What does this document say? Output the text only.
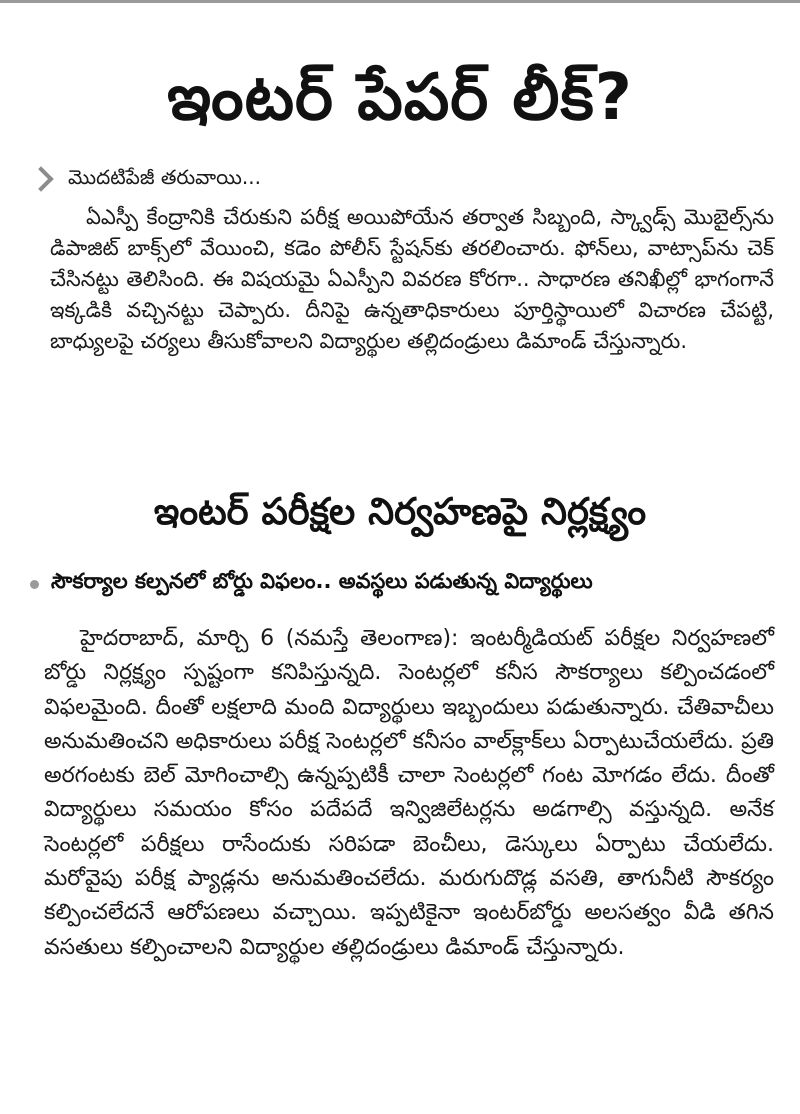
ఇంటర్ పేపర్ లీక్?
మొదటిపేజీ తరువాయి...

ఏఎస్పీ కేంద్రానికి చేరుకుని పరీక్ష అయిపోయేన తర్వాత సిబ్బంది, స్క్వాడ్స్ మొబైల్స్‌ను డిపాజిట్ బాక్స్‌లో వేయించి, కడెం పోలీస్ స్టేషన్‌కు తరలించారు. ఫోన్‌లు, వాట్సాప్‌ను చెక్ చేసినట్టు తెలిసింది. ఈ విషయమై ఏఎస్పీని వివరణ కోరగా.. సాధారణ తనిఖీల్లో భాగంగానే ఇక్కడికి వచ్చినట్టు చెప్పారు. దీనిపై ఉన్నతాధికారులు పూర్తిస్థాయిలో విచారణ చేపట్టి, బాధ్యులపై చర్యలు తీసుకోవాలని విద్యార్థుల తల్లిదండ్రులు డిమాండ్ చేస్తున్నారు.

ఇంటర్ పరీక్షల నిర్వహణపై నిర్లక్ష్యం
సౌకర్యాల కల్పనలో బోర్డు విఫలం.. అవస్థలు పడుతున్న విద్యార్థులు

హైదరాబాద్, మార్చి 6 (నమస్తే తెలంగాణ): ఇంటర్మీడియట్ పరీక్షల నిర్వహణలో బోర్డు నిర్లక్ష్యం స్పష్టంగా కనిపిస్తున్నది. సెంటర్లలో కనీస సౌకర్యాలు కల్పించడంలో విఫలమైంది. దీంతో లక్షలాది మంది విద్యార్థులు ఇబ్బందులు పడుతున్నారు. చేతివాచీలు అనుమతించని అధికారులు పరీక్ష సెంటర్లలో కనీసం వాల్‌క్లాక్‌లు ఏర్పాటుచేయలేదు. ప్రతి అరగంటకు బెల్ మోగించాల్సి ఉన్నప్పటికీ చాలా సెంటర్లలో గంట మోగడం లేదు. దీంతో విద్యార్థులు సమయం కోసం పదేపదే ఇన్విజిలేటర్లను అడగాల్సి వస్తున్నది. అనేక సెంటర్లలో పరీక్షలు రాసేందుకు సరిపడా బెంచీలు, డెస్కులు ఏర్పాటు చేయలేదు. మరోవైపు పరీక్ష ప్యాడ్లను అనుమతించలేదు. మరుగుదొడ్ల వసతి, తాగునీటి సౌకర్యం కల్పించలేదనే ఆరోపణలు వచ్చాయి. ఇప్పటికైనా ఇంటర్‌బోర్డు అలసత్వం వీడి తగిన వసతులు కల్పించాలని విద్యార్థుల తల్లిదండ్రులు డిమాండ్ చేస్తున్నారు.
